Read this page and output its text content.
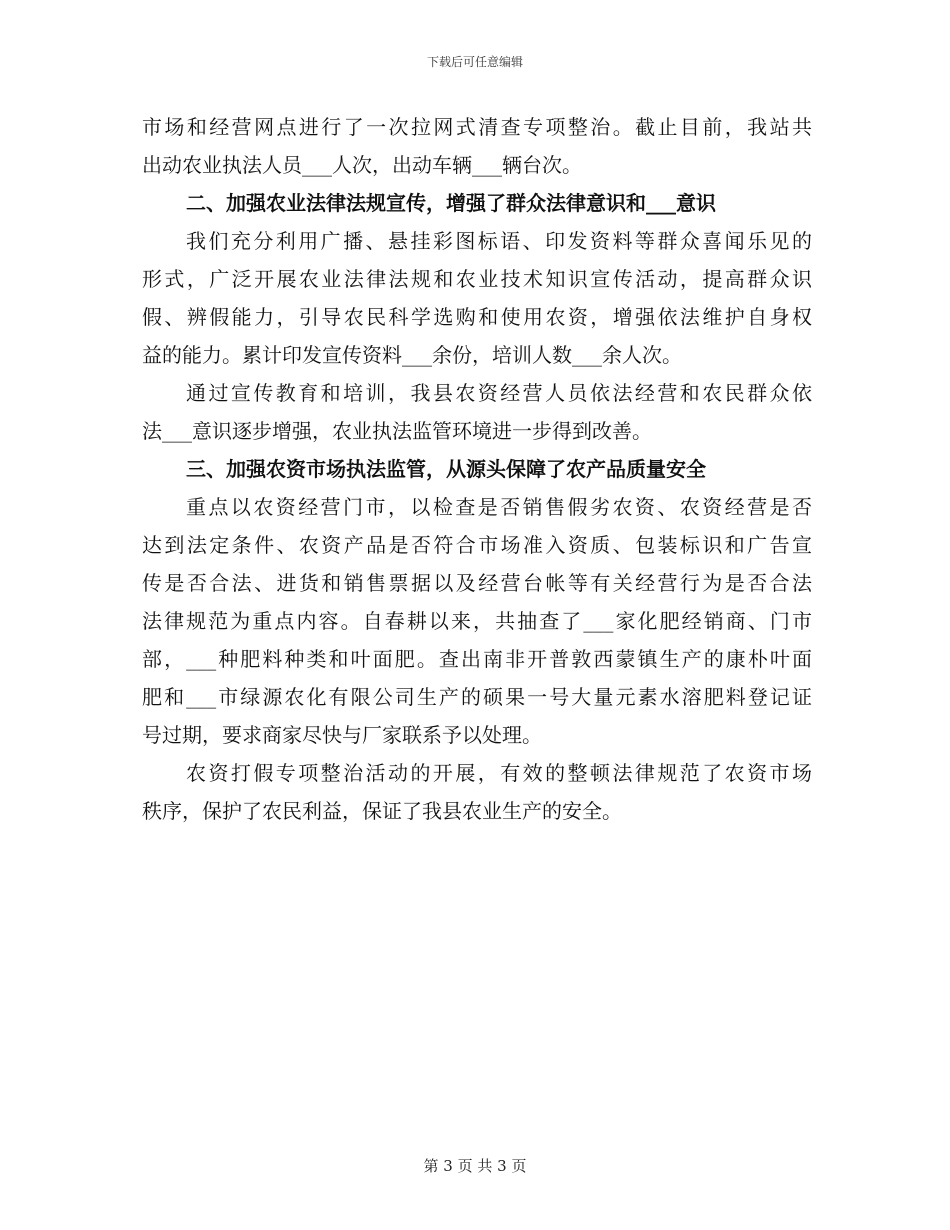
下载后可任意编辑
市场和经营网点进行了一次拉网式清查专项整治。截止目前，我站共
出动农业执法人员___人次，出动车辆___辆台次。
二、加强农业法律法规宣传，增强了群众法律意识和___意识
我们充分利用广播、悬挂彩图标语、印发资料等群众喜闻乐见的
形式，广泛开展农业法律法规和农业技术知识宣传活动，提高群众识
假、辨假能力，引导农民科学选购和使用农资，增强依法维护自身权
益的能力。累计印发宣传资料___余份，培训人数___余人次。
通过宣传教育和培训，我县农资经营人员依法经营和农民群众依
法___意识逐步增强，农业执法监管环境进一步得到改善。
三、加强农资市场执法监管，从源头保障了农产品质量安全
重点以农资经营门市，以检查是否销售假劣农资、农资经营是否
达到法定条件、农资产品是否符合市场准入资质、包装标识和广告宣
传是否合法、进货和销售票据以及经营台帐等有关经营行为是否合法
法律规范为重点内容。自春耕以来，共抽查了___家化肥经销商、门市
部，___种肥料种类和叶面肥。查出南非开普敦西蒙镇生产的康朴叶面
肥和___市绿源农化有限公司生产的硕果一号大量元素水溶肥料登记证
号过期，要求商家尽快与厂家联系予以处理。
农资打假专项整治活动的开展，有效的整顿法律规范了农资市场
秩序，保护了农民利益，保证了我县农业生产的安全。
第 3 页 共 3 页
